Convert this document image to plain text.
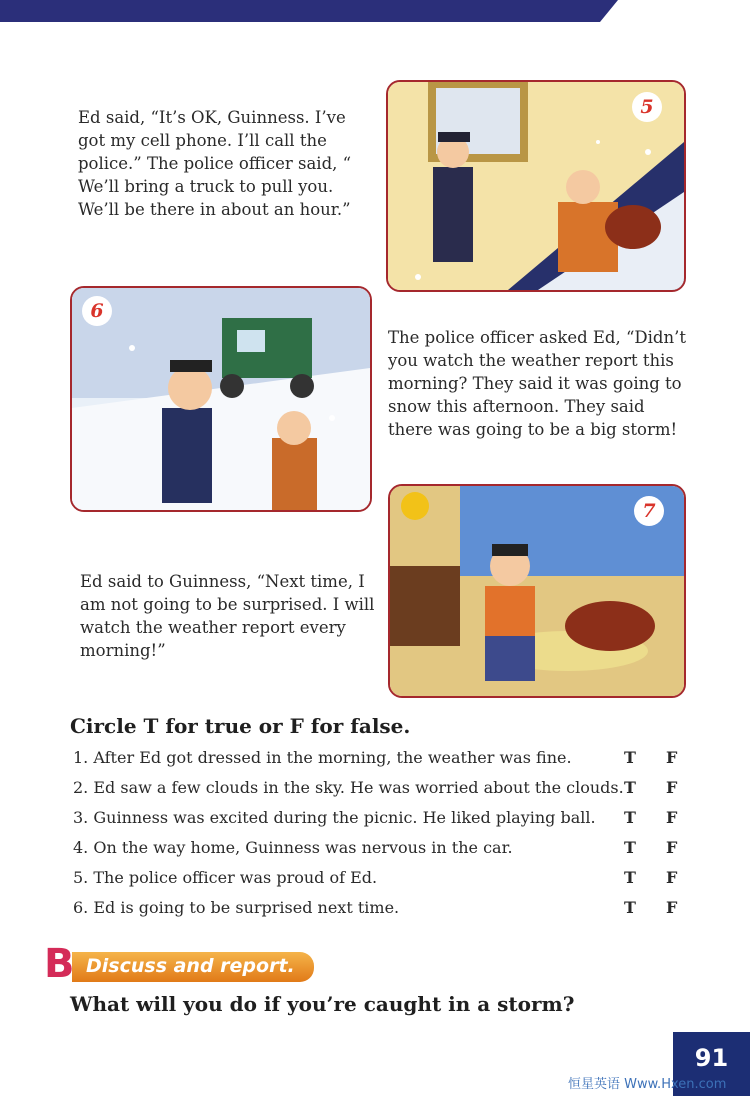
Ed said, “It’s OK, Guinness. I’ve got my cell phone. I’ll call the police.” The police officer said, “ We’ll bring a truck to pull you. We’ll be there in about an hour.”
5
6
The police officer asked Ed, “Didn’t you watch the weather report this morning? They said it was going to snow this afternoon. They said there was going to be a big storm!
Ed said to Guinness, “Next time, I am not going to be surprised. I will watch the weather report every morning!”
7
Circle T for true or F for false.
1. After Ed got dressed in the morning, the weather was fine.	T F
2. Ed saw a few clouds in the sky. He was worried about the clouds. T F
3. Guinness was excited during the picnic. He liked playing ball. T F
4. On the way home, Guinness was nervous in the car.	T F
5. The police officer was proud of Ed.	T F
6. Ed is going to be surprised next time.	T F
Discuss and report.
B
What will you do if you’re caught in a storm?
91
恒星英语 Www.Hxen.com
